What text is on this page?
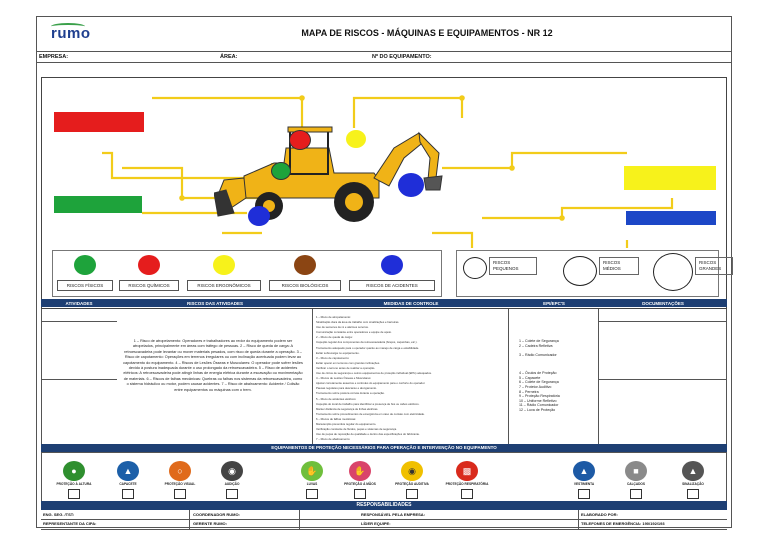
rumo	MAPA DE RISCOS - MÁQUINAS E EQUIPAMENTOS - NR 12
EMPRESA:	ÁREA:	Nº DO EQUIPAMENTO:
RISCOS FÍSICOS	RISCOS QUÍMICOS	RISCOS ERGONÔMICOS	RISCOS BIOLÓGICOS	RISCOS DE ACIDENTES
RISCOS PEQUENOS
RISCOS MÉDIOS
RISCOS GRANDES
ATIVIDADES	RISCOS DAS ATIVIDADES	MEDIDAS DE CONTROLE	EPI/EPC'S	DOCUMENTAÇÕES
1 – Risco de atropelamento: Operadores e trabalhadores ao redor do equipamento podem ser atropelados, principalmente em áreas com tráfego de pessoas. 2 – Risco de queda de carga: A retroescavadeira pode levantar ou mover materiais pesados, com risco de queda durante a operação. 3 – Risco de capotamento: Operações em terrenos irregulares ou com inclinação acentuada podem levar ao capotamento do equipamento. 4 – Riscos de Lesões Ósseas e Musculares: O operador pode sofrer lesões devido à postura inadequada durante o uso prolongado da retroescavadeira. 5 – Risco de acidentes elétricos: A retroescavadeira pode atingir linhas de energia elétrica durante a escavação ou movimentação de materiais. 6 – Riscos de falhas mecânicas: Quebras ou falhas nos sistemas da retroescavadeira, como o sistema hidráulico ou motor, podem causar acidentes. 7 – Risco de abalroamento: Acidente / Colisão entre equipamentos ou máquinas com o trem.
1 – Risco de atropelamento:
Sinalização clara da área de trabalho com sinalizações e barreiras.
Uso de sensores de ré e alarmes sonoros.
Comunicação constante entre operadores e equipe de apoio.
2 – Risco de queda de carga:
Inspeção regular dos componentes da retroescavadeira (braços, caçambas, etc.).
Treinamento adequado para o operador quanto ao manejo de carga e estabilidade.
Evitar sobrecarga no equipamento.
3 – Risco de capotamento:
Evitar operar em terrenos com grandes inclinações.
Verificar o terreno antes de realizar a operação.
Uso de cintos de segurança e outros equipamentos de proteção individual (EPIs) adequados.
4 – Riscos de Lesões Ósseas e Musculares:
Ajustar corretamente assentos e controles do equipamento para o conforto do operador.
Pausas regulares para descanso e alongamento.
Treinamento sobre postura correta durante a operação.
5 – Risco de acidentes elétricos:
Inspeção do local de trabalho para identificar a presença de fios ou cabos elétricos.
Manter distância de segurança de linhas elétricas.
Treinamento sobre procedimentos de emergência em caso de contato com eletricidade.
6 – Riscos de falhas mecânicas:
Manutenção preventiva regular do equipamento.
Verificação constante de fluidos, peças e sistemas de segurança.
Uso de peças de reposição de qualidade e dentro das especificações do fabricante.
7 – Risco de abalroamento:
1 – Colete de Segurança
2 – Cadeira Refletiva

3 – Rádio Comunicador

4 – Óculos de Proteção
5 – Capacete
6 – Colete de Segurança
7 – Protetor Auditivo
8 – Perneira
9 – Proteção Respiratória
10 – Uniforme Refletivo
11 – Rádio Comunicador
12 – Luva de Proteção
EQUIPAMENTOS DE PROTEÇÃO NECESSÁRIOS PARA OPERAÇÃO E INTERVENÇÃO NO EQUIPAMENTO
●
PROTEÇÃO À ALTURA
▲
CAPACETE
○
PROTEÇÃO VISUAL
◉
AUDIÇÃO
✋
LUVAS
✋
PROTEÇÃO À MÃOS
◉
PROTEÇÃO AUDITIVA
▩
PROTEÇÃO RESPIRATÓRIA
▲
VESTIMENTA
■
CALÇADOS
▲
SINALIZAÇÃO
RESPONSABILIDADES
ENG. SEG. /TST:	COORDENADOR RUMO:	RESPONSÁVEL PELA EMPRESA:	ELABORADO POR:
REPRESENTANTE DA CIPA:	GERENTE RUMO:	LÍDER EQUIPE:	TELEFONES DE EMERGÊNCIA: 190/192/193
